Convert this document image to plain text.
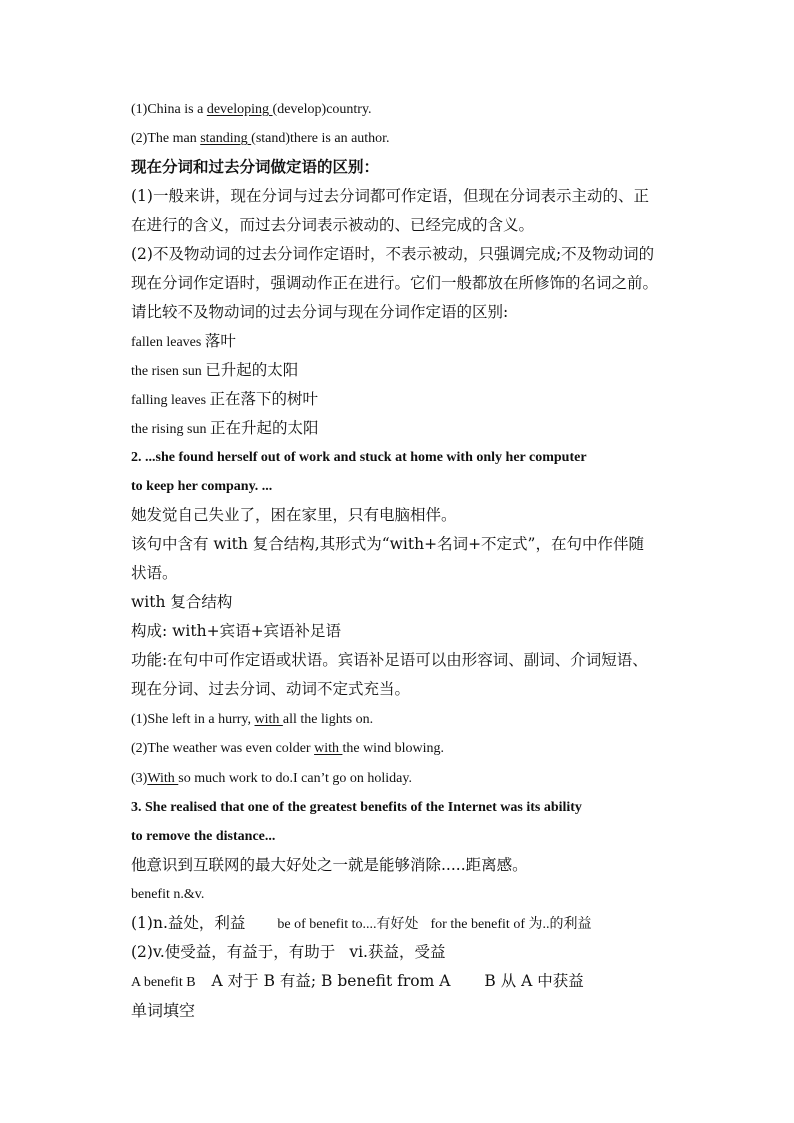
(1)China is a developing (develop)country.
(2)The man standing (stand)there is an author.
现在分词和过去分词做定语的区别：
(1)一般来讲，现在分词与过去分词都可作定语，但现在分词表示主动的、正
在进行的含义，而过去分词表示被动的、已经完成的含义。
(2)不及物动词的过去分词作定语时，不表示被动，只强调完成;不及物动词的
现在分词作定语时，强调动作正在进行。它们一般都放在所修饰的名词之前。
请比较不及物动词的过去分词与现在分词作定语的区别:
fallen leaves 落叶
the risen sun 已升起的太阳
falling leaves 正在落下的树叶
the rising sun 正在升起的太阳
2. ...she found herself out of work and stuck at home with only her computer
to keep her company. ...
她发觉自己失业了，困在家里，只有电脑相伴。
该句中含有 with 复合结构,其形式为“with+名词+不定式”，在句中作伴随
状语。
with 复合结构
构成: with+宾语+宾语补足语
功能:在句中可作定语或状语。宾语补足语可以由形容词、副词、介词短语、
现在分词、过去分词、动词不定式充当。
(1)She left in a hurry, with all the lights on.
(2)The weather was even colder with the wind blowing.
(3)With so much work to do.I can’t go on holiday.
3. She realised that one of the greatest benefits of the Internet was its ability
to remove the distance...
他意识到互联网的最大好处之一就是能够消除.....距离感。
benefit n.&v.
(1)n.益处，利益 be of benefit to....有好处 for the benefit of 为..的利益
(2)v.使受益，有益于，有助于 vi.获益，受益
A benefit B A 对于 B 有益; B benefit from A B 从 A 中获益
单词填空
